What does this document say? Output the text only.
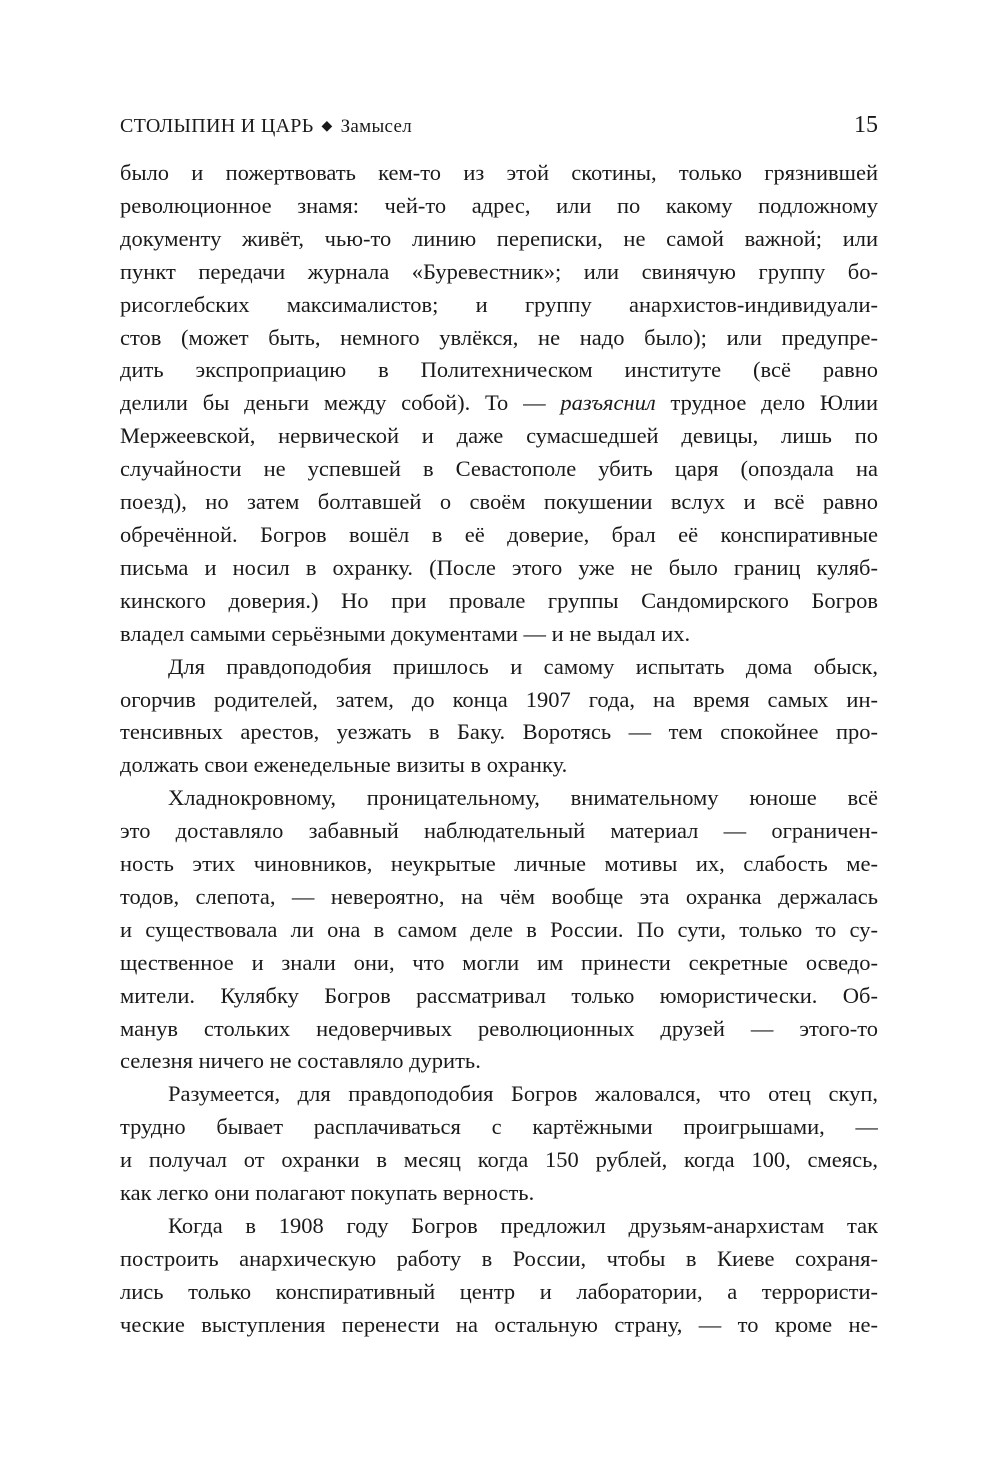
СТОЛЫПИН И ЦАРЬ ◆ Замысел	15
было и пожертвовать кем-то из этой скотины, только грязнившей
революционное знамя: чей-то адрес, или по какому подложному
документу живёт, чью-то линию переписки, не самой важной; или
пункт передачи журнала «Буревестник»; или свинячую группу бо-
рисоглебских максималистов; и группу анархистов-индивидуали-
стов (может быть, немного увлёкся, не надо было); или предупре-
дить экспроприацию в Политехническом институте (всё равно
делили бы деньги между собой). То — разъяснил трудное дело Юлии
Мержеевской, нервической и даже сумасшедшей девицы, лишь по
случайности не успевшей в Севастополе убить царя (опоздала на
поезд), но затем болтавшей о своём покушении вслух и всё равно
обречённой. Богров вошёл в её доверие, брал её конспиративные
письма и носил в охранку. (После этого уже не было границ куляб-
кинского доверия.) Но при провале группы Сандомирского Богров
владел самыми серьёзными документами — и не выдал их.
Для правдоподобия пришлось и самому испытать дома обыск,
огорчив родителей, затем, до конца 1907 года, на время самых ин-
тенсивных арестов, уезжать в Баку. Воротясь — тем спокойнее про-
должать свои еженедельные визиты в охранку.
Хладнокровному, проницательному, внимательному юноше всё
это доставляло забавный наблюдательный материал — ограничен-
ность этих чиновников, неукрытые личные мотивы их, слабость ме-
тодов, слепота, — невероятно, на чём вообще эта охранка держалась
и существовала ли она в самом деле в России. По сути, только то су-
щественное и знали они, что могли им принести секретные осведо-
мители. Кулябку Богров рассматривал только юмористически. Об-
манув стольких недоверчивых революционных друзей — этого-то
селезня ничего не составляло дурить.
Разумеется, для правдоподобия Богров жаловался, что отец скуп,
трудно бывает расплачиваться с картёжными проигрышами, —
и получал от охранки в месяц когда 150 рублей, когда 100, смеясь,
как легко они полагают покупать верность.
Когда в 1908 году Богров предложил друзьям-анархистам так
построить анархическую работу в России, чтобы в Киеве сохраня-
лись только конспиративный центр и лаборатории, а террористи-
ческие выступления перенести на остальную страну, — то кроме не-
